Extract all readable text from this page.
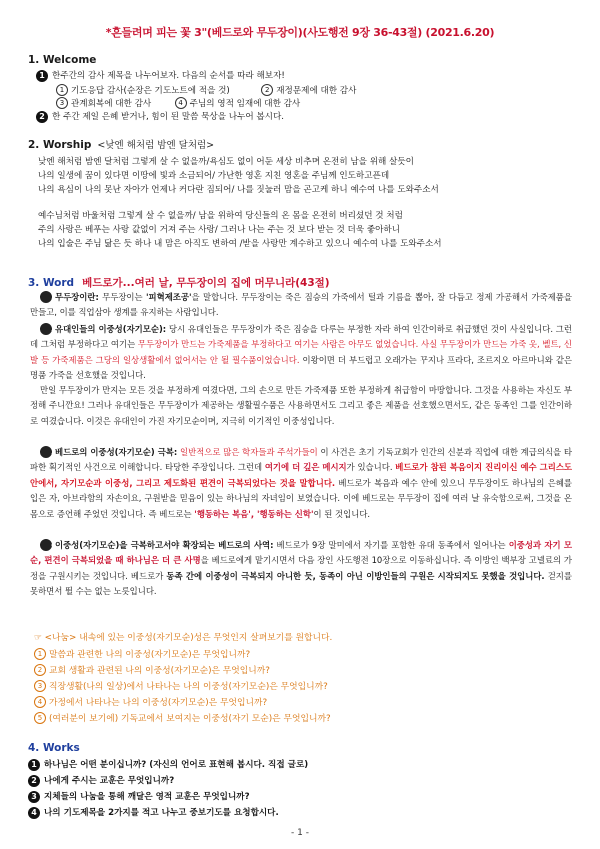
*흔들려며 피는 꽃 3"(베드로와 무두장이)(사도행전 9장 36-43절) (2021.6.20)
1. Welcome
1 한주간의 감사 제목을 나누어보자. 다음의 순서를 따라 해보자!
1 기도응답 감사(순장은 기도노트에 적을 것)	2 재정문제에 대한 감사
3 관계회복에 대한 감사	4 주님의 영적 임재에 대한 감사
2 한 주간 제일 은혜 받거나, 힘이 된 말씀 묵상을 나누어 봅시다.
2. Worship <낮엔 해처럼 밤엔 달처럼>
낮엔 해처럼 밤엔 달처럼 그렇게 살 수 없을까/욕심도 없이 어둔 세상 비추며 온전히 남을 위해 살듯이
나의 일생에 꿈이 있다면 이땅에 빛과 소금되어/ 가난한 영혼 지친 영혼을 주님께 인도하고픈데
나의 욕심이 나의 못난 자아가 언제나 커다란 짐되어/ 나를 짓눌러 맘을 곤고케 하니 예수여 나를 도와주소서
예수님처럼 바울처럼 그렇게 살 수 없을까/ 남을 위하여 당신들의 온 몸을 온전히 버리셨던 것 처럼
주의 사랑은 베푸는 사랑 값없이 거져 주는 사랑/ 그러나 나는 주는 것 보다 받는 것 더욱 좋아하니
나의 입술은 주님 닮은 듯 하나 내 맘은 아직도 변하여 /받을 사랑만 계수하고 있으니 예수여 나를 도와주소서
3. Word 베드로가...여러 날, 무두장이의 집에 머무니라(43절)
1무두장이란: 무두장이는 '피혁제조공'을 말합니다. 무두장이는 죽은 짐승의 가죽에서 털과 기름을 뽑아, 잘 다듬고 정제 가공해서 가죽제품을 만들고, 이를 직업삼아 생계를 유지하는 사람입니다.
2유대인들의 이중성(자기모순): 당시 유대인들은 무두장이가 죽은 짐승을 다루는 부정한 자라 하여 인간이하로 취급했던 것이 사실입니다. 그런데 그처럼 부정하다고 여기는 무두장이가 만드는 가죽제품을 부정하다고 여기는 사람은 아무도 없었습니다. 사실 무두장이가 만드는 가죽 옷, 벨트, 신발 등 가죽제품은 그당의 일상생활에서 없어서는 안 될 필수품이었습니다. 이왕이면 더 부드럽고 오래가는 꾸지나 프라다, 조르지오 아르마니와 같은 명품 가죽을 선호했을 것입니다.
만일 무두장이가 만지는 모든 것을 부정하게 여겼다면, 그의 손으로 만든 가죽제품 또한 부정하게 취급함이 마땅합니다. 그것을 사용하는 자신도 부정해 주니깐요! 그러나 유대인들은 무두장이가 제공하는 생활필수품은 사용하면서도 그리고 좋은 제품을 선호했으면서도, 같은 동족인 그를 인간이하로 여겼습니다. 이것은 유대인이 가진 자기모순이며, 지극히 이기적인 이중성입니다.
3베드로의 이중성(자기모순) 극복: 일반적으로 많은 학자들과 주석가들이 이 사건은 초기 기독교회가 인간의 신분과 직업에 대한 계급의식을 타파한 획기적인 사건으로 이해합니다. 타당한 주장입니다. 그런데 여기에 더 깊은 메시지가 있습니다. 베드로가 참된 복음이지 진리이신 예수 그리스도 안에서, 자기모순과 이중성, 그리고 제도화된 편견이 극복되었다는 것을 말합니다. 베드로가 복음과 예수 안에 있으니 무두장이도 하나님의 은혜를 입은 자, 아브라함의 자손이요, 구원받을 믿음이 있는 하나님의 자녀임이 보였습니다. 이에 베드로는 무두장이 집에 여러 날 유숙함으로써, 그것을 온 몸으로 증언해 주었던 것입니다. 즉 베드로는 '행동하는 복음', '행동하는 신학'이 된 것입니다.
4이중성(자기모순)을 극복하고서야 확장되는 베드로의 사역: 베드로가 9장 말미에서 자기를 포함한 유대 동족에서 일어나는 이중성과 자기 모순, 편견이 극복되었을 때 하나님은 더 큰 사명을 베드로에게 맡기시면서 다음 장인 사도행전 10장으로 이동하십니다. 즉 이방인 백부장 고넬료의 가정을 구원시키는 것입니다. 베드로가 동족 간에 이중성이 극복되지 아니한 듯, 동족이 아닌 이방인들의 구원은 시작되지도 못했을 것입니다. 걷지를 못하면서 뛸 수는 없는 노릇입니다.
☞ <나눔> 내속에 있는 이중성(자기모순)성은 무엇인지 살펴보기를 원합니다.
1 말씀과 관련한 나의 이중성(자기모순)은 무엇입니까?
2 교회 생활과 관련된 나의 이중성(자기모순)은 무엇입니까?
3 직장생활(나의 일상)에서 나타나는 나의 이중성(자기모순)은 무엇입니까?
4 가정에서 나타나는 나의 이중성(자기모순)은 무엇입니까?
5 (여러분이 보기에) 기독교에서 보여지는 이중성(자기 모순)은 무엇입니까?
4. Works
1 하나님은 어떤 분이십니까? (자신의 언어로 표현해 봅시다. 직접 글로)
2 나에게 주시는 교훈은 무엇입니까?
3 지체들의 나눔을 통해 깨달은 영적 교훈은 무엇입니까?
4 나의 기도제목을 2가지를 적고 나누고 중보기도를 요청합시다.
- 1 -
